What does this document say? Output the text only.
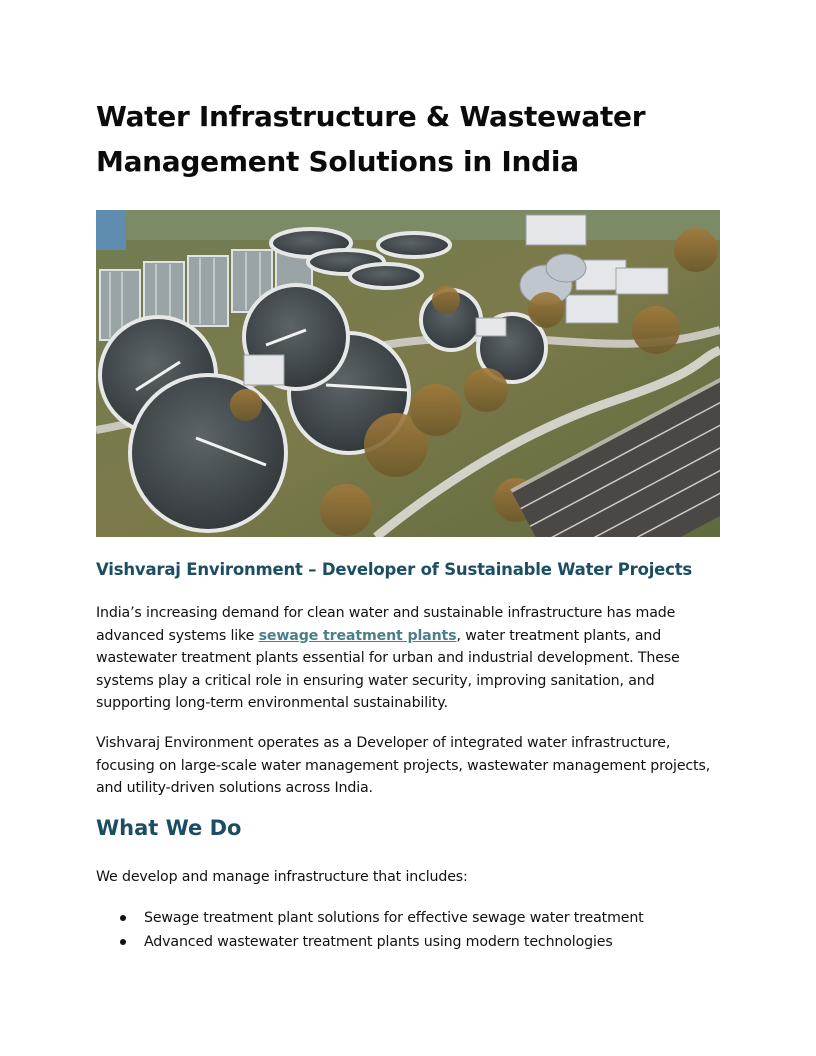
Water Infrastructure & Wastewater
Management Solutions in India
Vishvaraj Environment – Developer of Sustainable Water Projects

India’s increasing demand for clean water and sustainable infrastructure has made advanced systems like sewage treatment plants, water treatment plants, and wastewater treatment plants essential for urban and industrial development. These systems play a critical role in ensuring water security, improving sanitation, and supporting long-term environmental sustainability.

Vishvaraj Environment operates as a Developer of integrated water infrastructure, focusing on large-scale water management projects, wastewater management projects, and utility-driven solutions across India.

What We Do

We develop and manage infrastructure that includes:

Sewage treatment plant solutions for effective sewage water treatment
Advanced wastewater treatment plants using modern technologies
